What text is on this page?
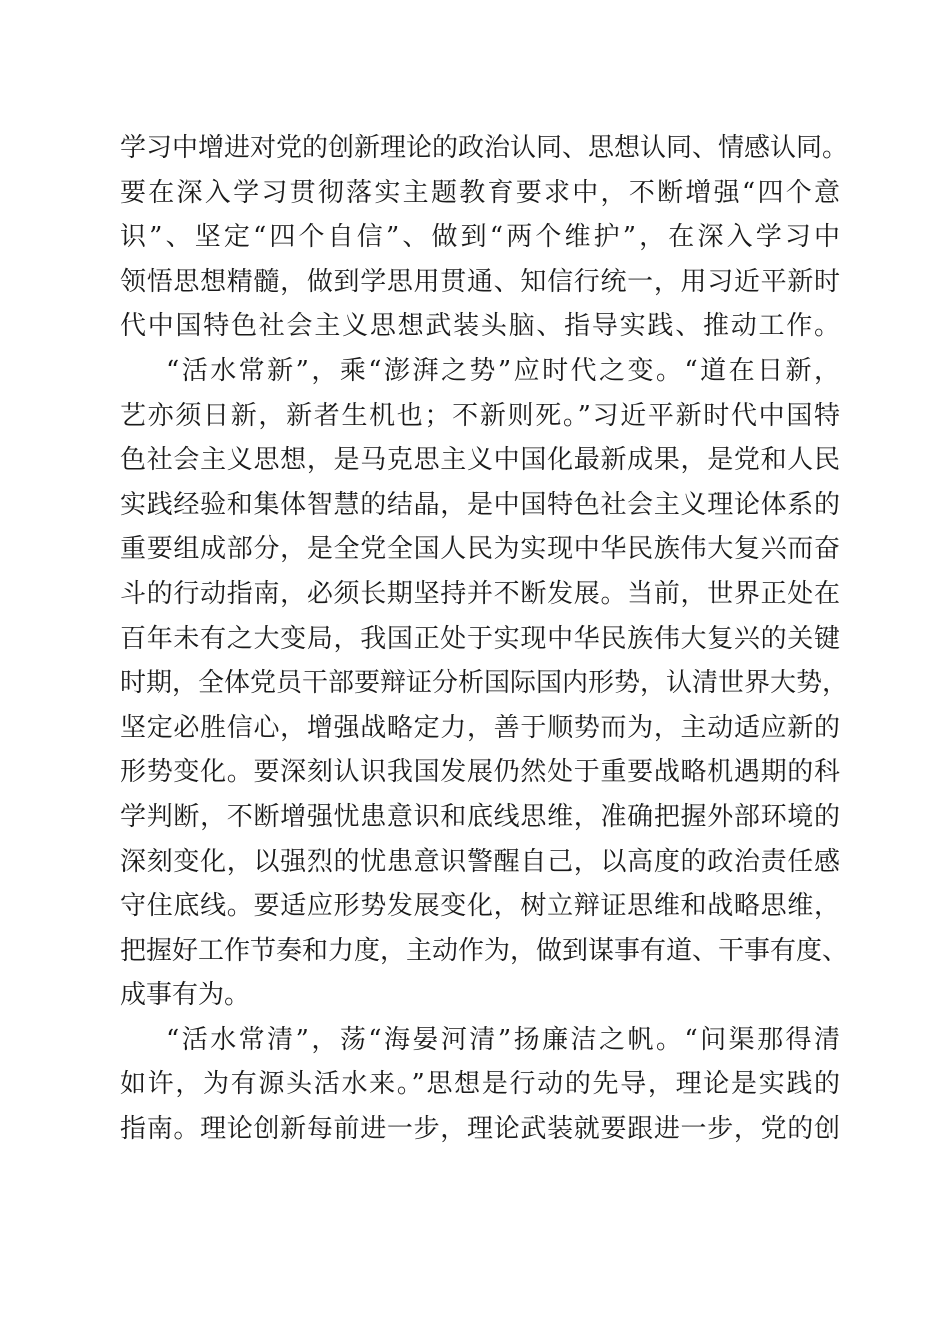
学习中增进对党的创新理论的政治认同、思想认同、情感认同。
要在深入学习贯彻落实主题教育要求中，不断增强“四个意
识”、坚定“四个自信”、做到“两个维护”，在深入学习中
领悟思想精髓，做到学思用贯通、知信行统一，用习近平新时
代中国特色社会主义思想武装头脑、指导实践、推动工作。
“活水常新”，乘“澎湃之势”应时代之变。“道在日新，
艺亦须日新，新者生机也；不新则死。”习近平新时代中国特
色社会主义思想，是马克思主义中国化最新成果，是党和人民
实践经验和集体智慧的结晶，是中国特色社会主义理论体系的
重要组成部分，是全党全国人民为实现中华民族伟大复兴而奋
斗的行动指南，必须长期坚持并不断发展。当前，世界正处在
百年未有之大变局，我国正处于实现中华民族伟大复兴的关键
时期，全体党员干部要辩证分析国际国内形势，认清世界大势，
坚定必胜信心，增强战略定力，善于顺势而为，主动适应新的
形势变化。要深刻认识我国发展仍然处于重要战略机遇期的科
学判断，不断增强忧患意识和底线思维，准确把握外部环境的
深刻变化，以强烈的忧患意识警醒自己，以高度的政治责任感
守住底线。要适应形势发展变化，树立辩证思维和战略思维，
把握好工作节奏和力度，主动作为，做到谋事有道、干事有度、
成事有为。
“活水常清”，荡“海晏河清”扬廉洁之帆。“问渠那得清
如许，为有源头活水来。”思想是行动的先导，理论是实践的
指南。理论创新每前进一步，理论武装就要跟进一步，党的创
